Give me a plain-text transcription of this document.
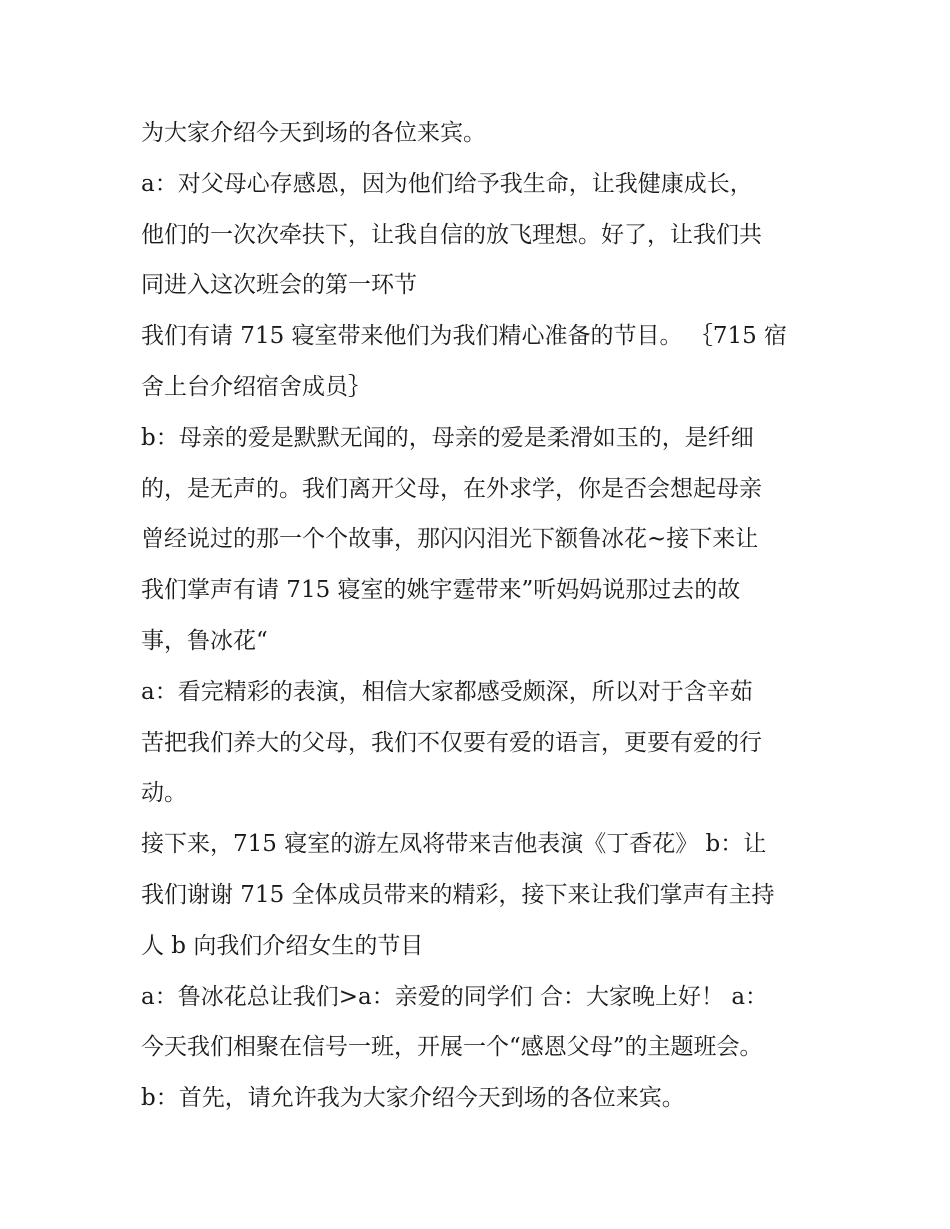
为大家介绍今天到场的各位来宾。
a：对父母心存感恩，因为他们给予我生命，让我健康成长，
他们的一次次牵扶下，让我自信的放飞理想。好了，让我们共
同进入这次班会的第一环节
我们有请 715 寝室带来他们为我们精心准备的节目。 ｛715 宿
舍上台介绍宿舍成员｝
b：母亲的爱是默默无闻的，母亲的爱是柔滑如玉的，是纤细
的，是无声的。我们离开父母，在外求学，你是否会想起母亲
曾经说过的那一个个故事，那闪闪泪光下额鲁冰花~接下来让
我们掌声有请 715 寝室的姚宇霆带来”听妈妈说那过去的故
事，鲁冰花“
a：看完精彩的表演，相信大家都感受颇深，所以对于含辛茹
苦把我们养大的父母，我们不仅要有爱的语言，更要有爱的行
动。
接下来，715 寝室的游左凤将带来吉他表演《丁香花》 b：让
我们谢谢 715 全体成员带来的精彩，接下来让我们掌声有主持
人 b 向我们介绍女生的节目
a：鲁冰花总让我们>a：亲爱的同学们 合：大家晚上好！ a：
今天我们相聚在信号一班，开展一个“感恩父母”的主题班会。
b：首先，请允许我为大家介绍今天到场的各位来宾。
